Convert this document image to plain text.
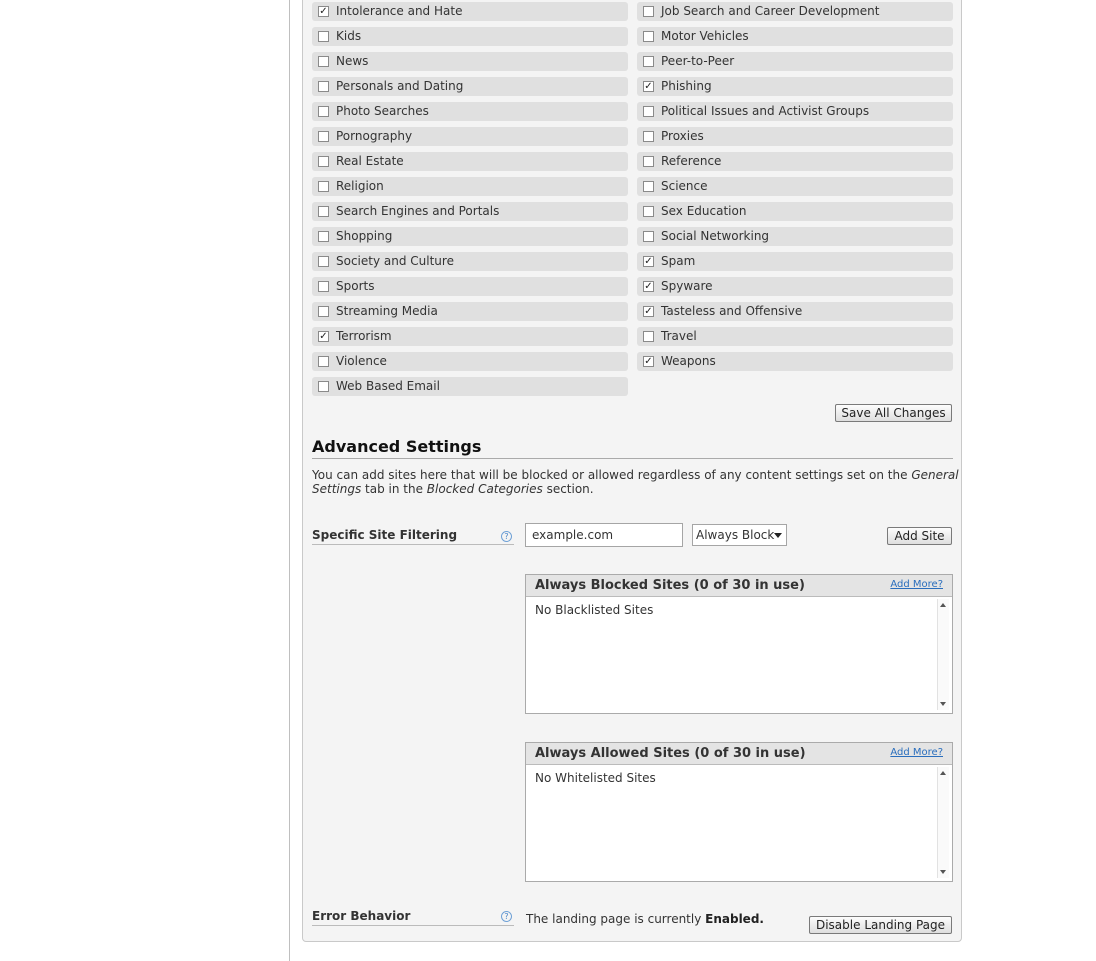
✓ Intolerance and Hate
Kids
News
Personals and Dating
Photo Searches
Pornography
Real Estate
Religion
Search Engines and Portals
Shopping
Society and Culture
Sports
Streaming Media
✓ Terrorism
Violence
Web Based Email
Job Search and Career Development
Motor Vehicles
Peer-to-Peer
✓ Phishing
Political Issues and Activist Groups
Proxies
Reference
Science
Sex Education
Social Networking
✓ Spam
✓ Spyware
✓ Tasteless and Offensive
Travel
✓ Weapons
Save All Changes
Advanced Settings
You can add sites here that will be blocked or allowed regardless of any content settings set on the General Settings tab in the Blocked Categories section.
Specific Site Filtering	?
example.com	Always Block	Add Site
Always Blocked Sites (0 of 30 in use)	Add More?
No Blacklisted Sites
Always Allowed Sites (0 of 30 in use)	Add More?
No Whitelisted Sites
Error Behavior	? The landing page is currently Enabled.	Disable Landing Page
